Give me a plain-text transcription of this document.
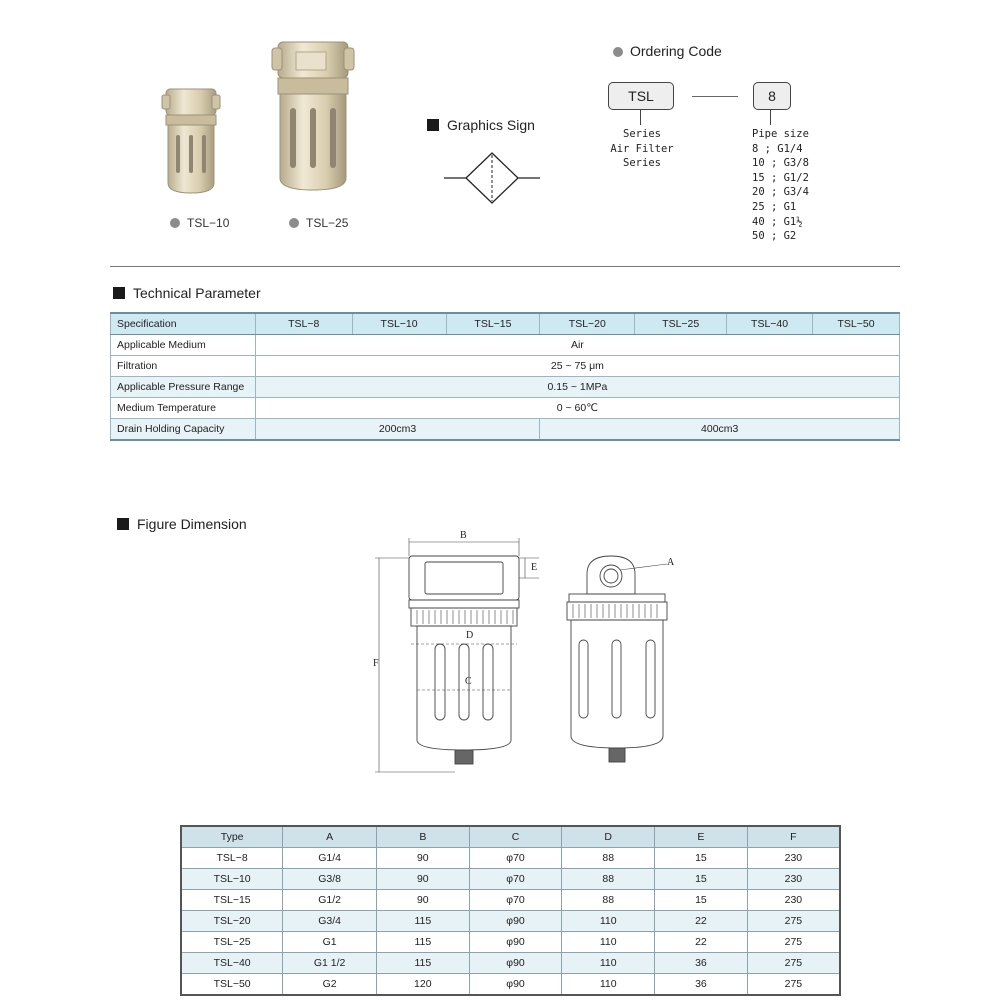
TSL−10	TSL−25
Graphics Sign
Ordering Code
TSL	8
Series
Air Filter Series
Pipe size
8 ; G1/4
10 ; G3/8
15 ; G1/2
20 ; G3/4
25 ; G1
40 ; G1½
50 ; G2
Technical Parameter
Specification	TSL−8	TSL−10	TSL−15	TSL−20	TSL−25	TSL−40	TSL−50
Applicable Medium	Air						
Filtration	25 ~ 75 μm						
Applicable Pressure Range	0.15 ~ 1MPa						
Medium Temperature	0 ~ 60℃						
Drain Holding Capacity	200cm3			400cm3			
Figure Dimension
B
E
F
D
C
A
Type	A	B	C	D	E	F
TSL−8	G1/4	90	φ70	88	15	230
TSL−10	G3/8	90	φ70	88	15	230
TSL−15	G1/2	90	φ70	88	15	230
TSL−20	G3/4	115	φ90	110	22	275
TSL−25	G1	115	φ90	110	22	275
TSL−40	G1 1/2	115	φ90	110	36	275
TSL−50	G2	120	φ90	110	36	275
